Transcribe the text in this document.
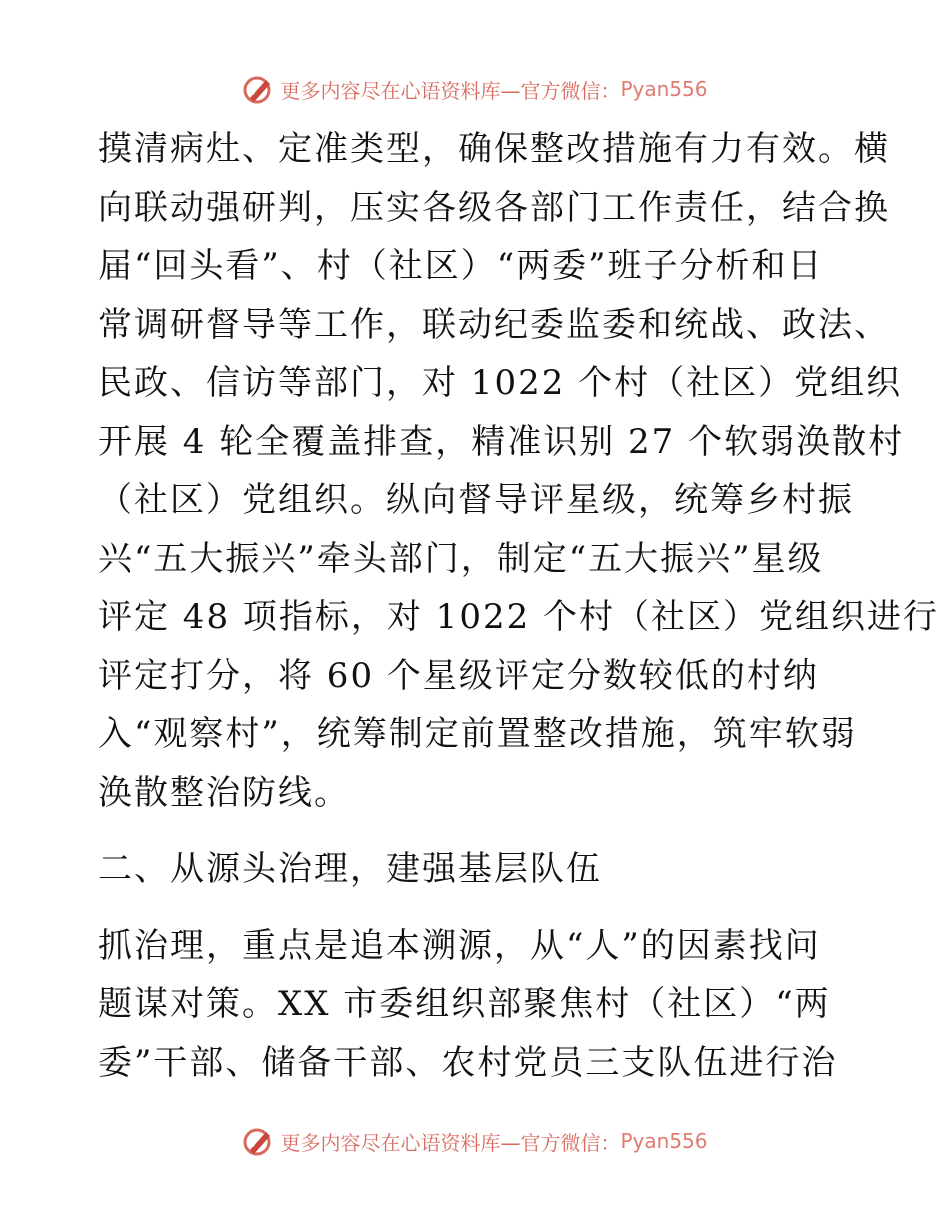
更多内容尽在心语资料库—官方微信： Pyan556
摸清病灶、定准类型，确保整改措施有力有效。横
向联动强研判，压实各级各部门工作责任，结合换
届“回头看”、村（社区）“两委”班子分析和日
常调研督导等工作，联动纪委监委和统战、政法、
民政、信访等部门，对 1022 个村（社区）党组织
开展 4 轮全覆盖排查，精准识别 27 个软弱涣散村
（社区）党组织。纵向督导评星级，统筹乡村振
兴“五大振兴”牵头部门，制定“五大振兴”星级
评定 48 项指标，对 1022 个村（社区）党组织进行
评定打分，将 60 个星级评定分数较低的村纳
入“观察村”，统筹制定前置整改措施，筑牢软弱
涣散整治防线。
二、从源头治理，建强基层队伍
抓治理，重点是追本溯源，从“人”的因素找问
题谋对策。XX 市委组织部聚焦村（社区）“两
委”干部、储备干部、农村党员三支队伍进行治
更多内容尽在心语资料库—官方微信： Pyan556
